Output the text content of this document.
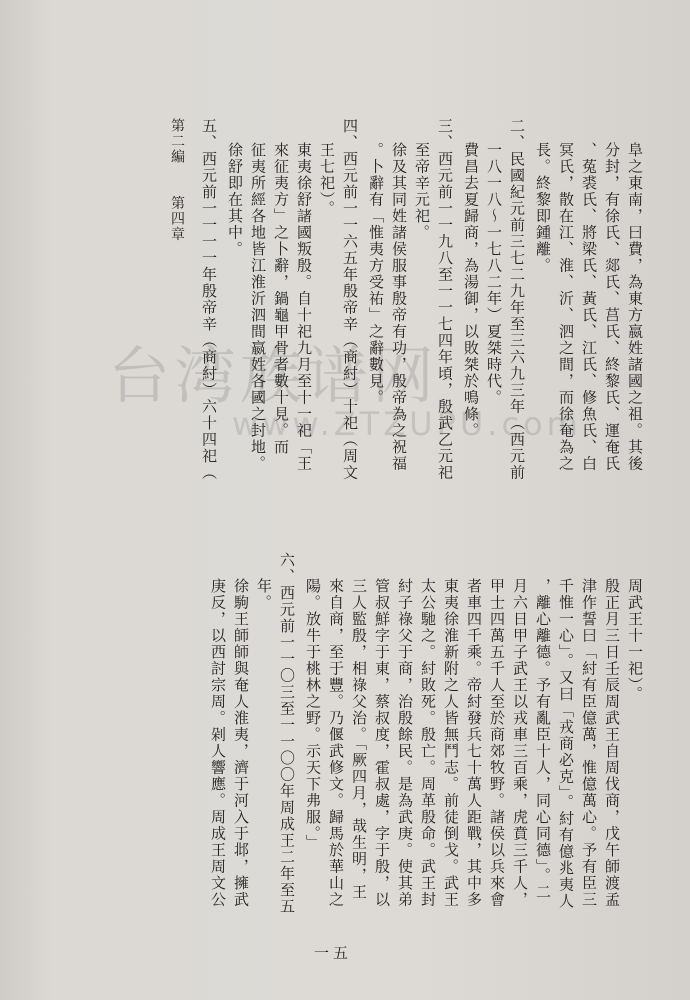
台湾族谱网
www.ZTZUPU.com	阜之東南，曰費，為東方嬴姓諸國之祖。其後
分封，有徐氏、郯氏、莒氏、終黎氏、運奄氏
、菟裘氏、將梁氏、黃氏、江氏、修魚氏、白
冥氏，散在江、淮、沂、泗之間，而徐奄為之
長。終黎即鍾離。
二、民國紀元前三七二九年至三六九三年（西元前
一八一八～一七八二年）夏桀時代。
費昌去夏歸商，為湯御，以敗桀於鳴條。
三、西元前一一九八至一一七四年頃，殷武乙元祀
至帝辛元祀。
徐及其同姓諸侯服事殷帝有功，殷帝為之祝福
。卜辭有「惟夷方受祐」之辭數見。
四、西元前一一六五年殷帝辛（商紂）十祀（周文
王七祀）。
東夷徐舒諸國叛殷。自十祀九月至十一祀「王
來征夷方」之卜辭，鍋龜甲骨者數十見。而
征夷所經各地皆江淮沂泗間嬴姓各國之封地。
徐舒即在其中。
五、西元前一一一一年殷帝辛（商紂）六十四祀（
第二編　　第四章
周武王十一祀）。
殷正月三日壬辰周武王自周伐商，戊午師渡孟
津作誓曰「紂有臣億萬，惟億萬心。予有臣三
千惟一心」。又曰「戎商必克」。紂有億兆夷人
，離心離德。予有亂臣十人，同心同德」。二
月六日甲子武王以戎車三百乘，虎賁三千人，
甲士四萬五千人至於商郊牧野。諸侯以兵來會
者車四千乘。帝紂發兵七十萬人距戰，其中多
東夷徐淮新附之人皆無鬥志。前徒倒戈。武王
太公馳之。紂敗死。殷亡。周革殷命。武王封
紂子祿父于商，治殷餘民。是為武庚。使其弟
管叔鮮字于東，蔡叔度，霍叔處，字于殷，以
三人監殷，相祿父治。「厥四月，哉生明，王
來自商，至于豐。乃偃武修文。歸馬於華山之
陽。放牛于桃林之野。示天下弗服。」
六、西元前一一〇三至一一〇〇年周成王二年至五
年。
徐駒王師師與奄人淮夷，濟于河入于邶，擁武
庚反，以西討宗周。剁人響應。周成王周文公
一五
